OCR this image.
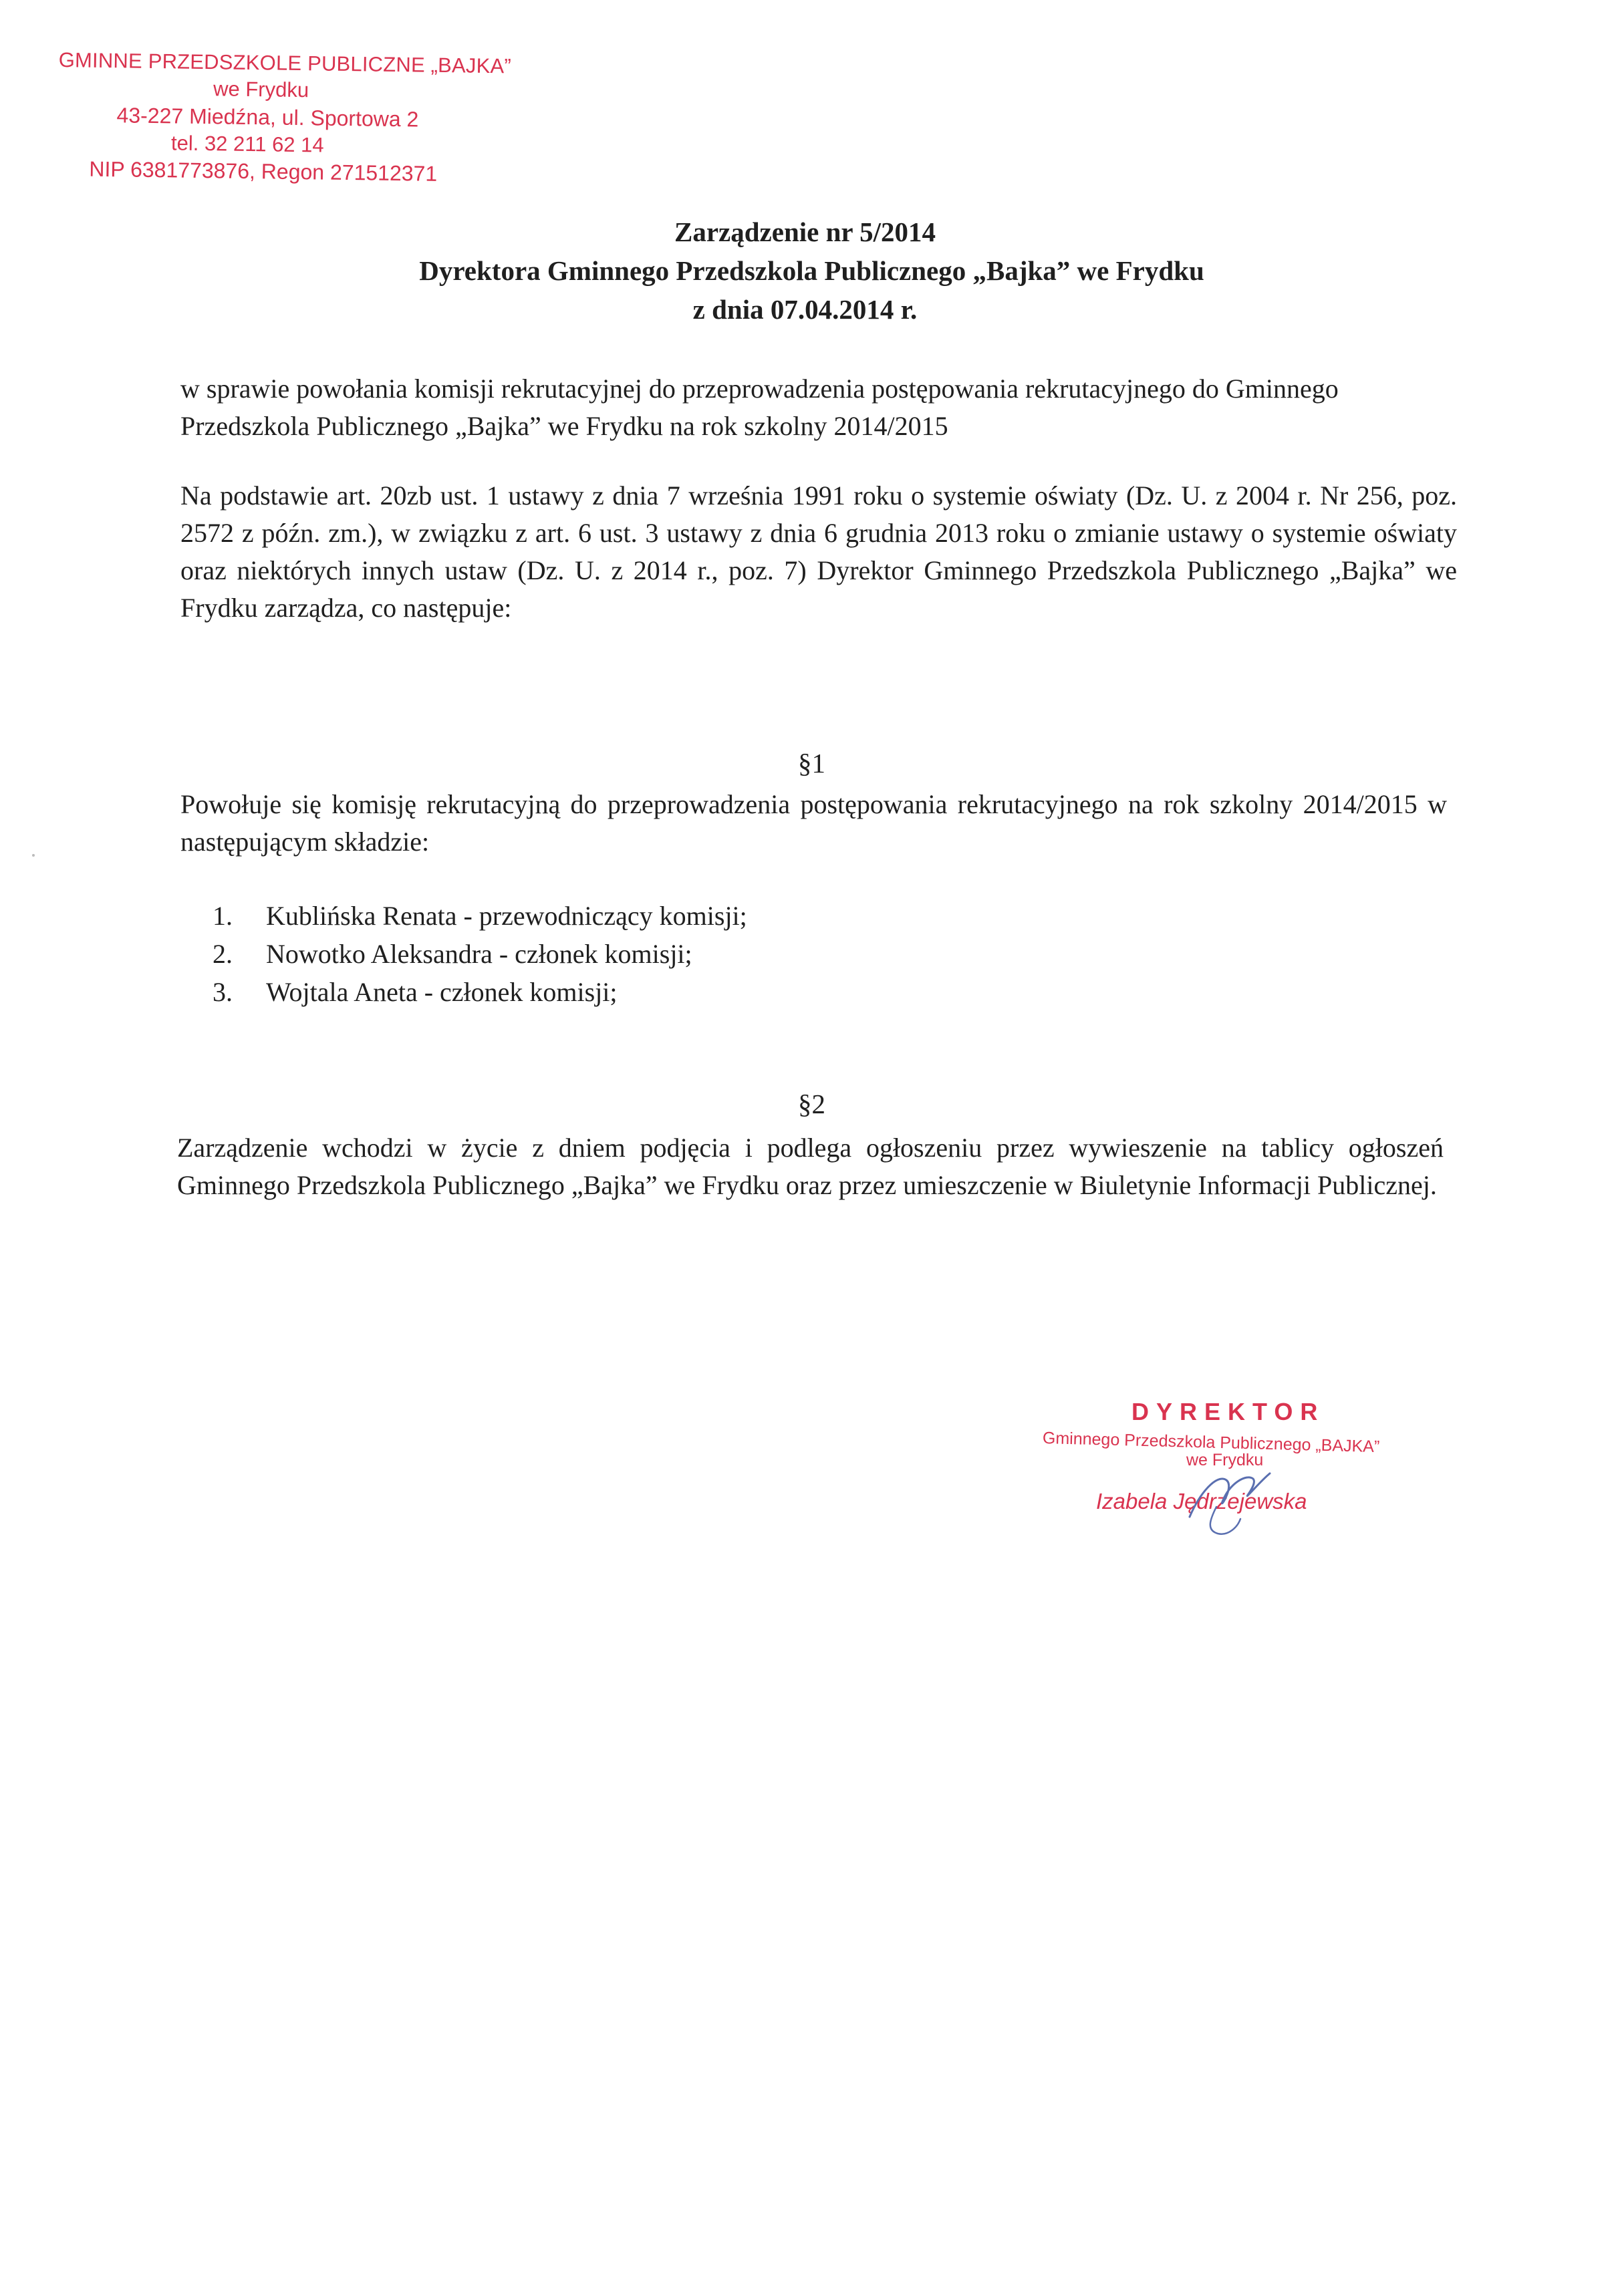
GMINNE PRZEDSZKOLE PUBLICZNE „BAJKA”
we Frydku
43-227 Miedźna, ul. Sportowa 2
tel. 32 211 62 14
NIP 6381773876, Regon 271512371
Zarządzenie nr 5/2014
Dyrektora Gminnego Przedszkola Publicznego „Bajka” we Frydku
z dnia 07.04.2014 r.
w sprawie powołania komisji rekrutacyjnej do przeprowadzenia postępowania rekrutacyjnego do Gminnego Przedszkola Publicznego „Bajka” we Frydku na rok szkolny 2014/2015
Na podstawie art. 20zb ust. 1 ustawy z dnia 7 września 1991 roku o systemie oświaty (Dz. U. z 2004 r. Nr 256, poz. 2572 z późn. zm.), w związku z art. 6 ust. 3 ustawy z dnia 6 grudnia 2013 roku o zmianie ustawy o systemie oświaty oraz niektórych innych ustaw (Dz. U. z 2014 r., poz. 7) Dyrektor Gminnego Przedszkola Publicznego „Bajka” we Frydku zarządza, co następuje:
§1
Powołuje się komisję rekrutacyjną do przeprowadzenia postępowania rekrutacyjnego na rok szkolny 2014/2015 w następującym składzie:
1.	Kublińska Renata - przewodniczący komisji;
2.	Nowotko Aleksandra - członek komisji;
3.	Wojtala Aneta - członek komisji;
§2
Zarządzenie wchodzi w życie z dniem podjęcia i podlega ogłoszeniu przez wywieszenie na tablicy ogłoszeń Gminnego Przedszkola Publicznego „Bajka” we Frydku oraz przez umieszczenie w Biuletynie Informacji Publicznej.
DYREKTOR
Gminnego Przedszkola Publicznego „BAJKA”
we Frydku
Izabela Jędrzejewska
